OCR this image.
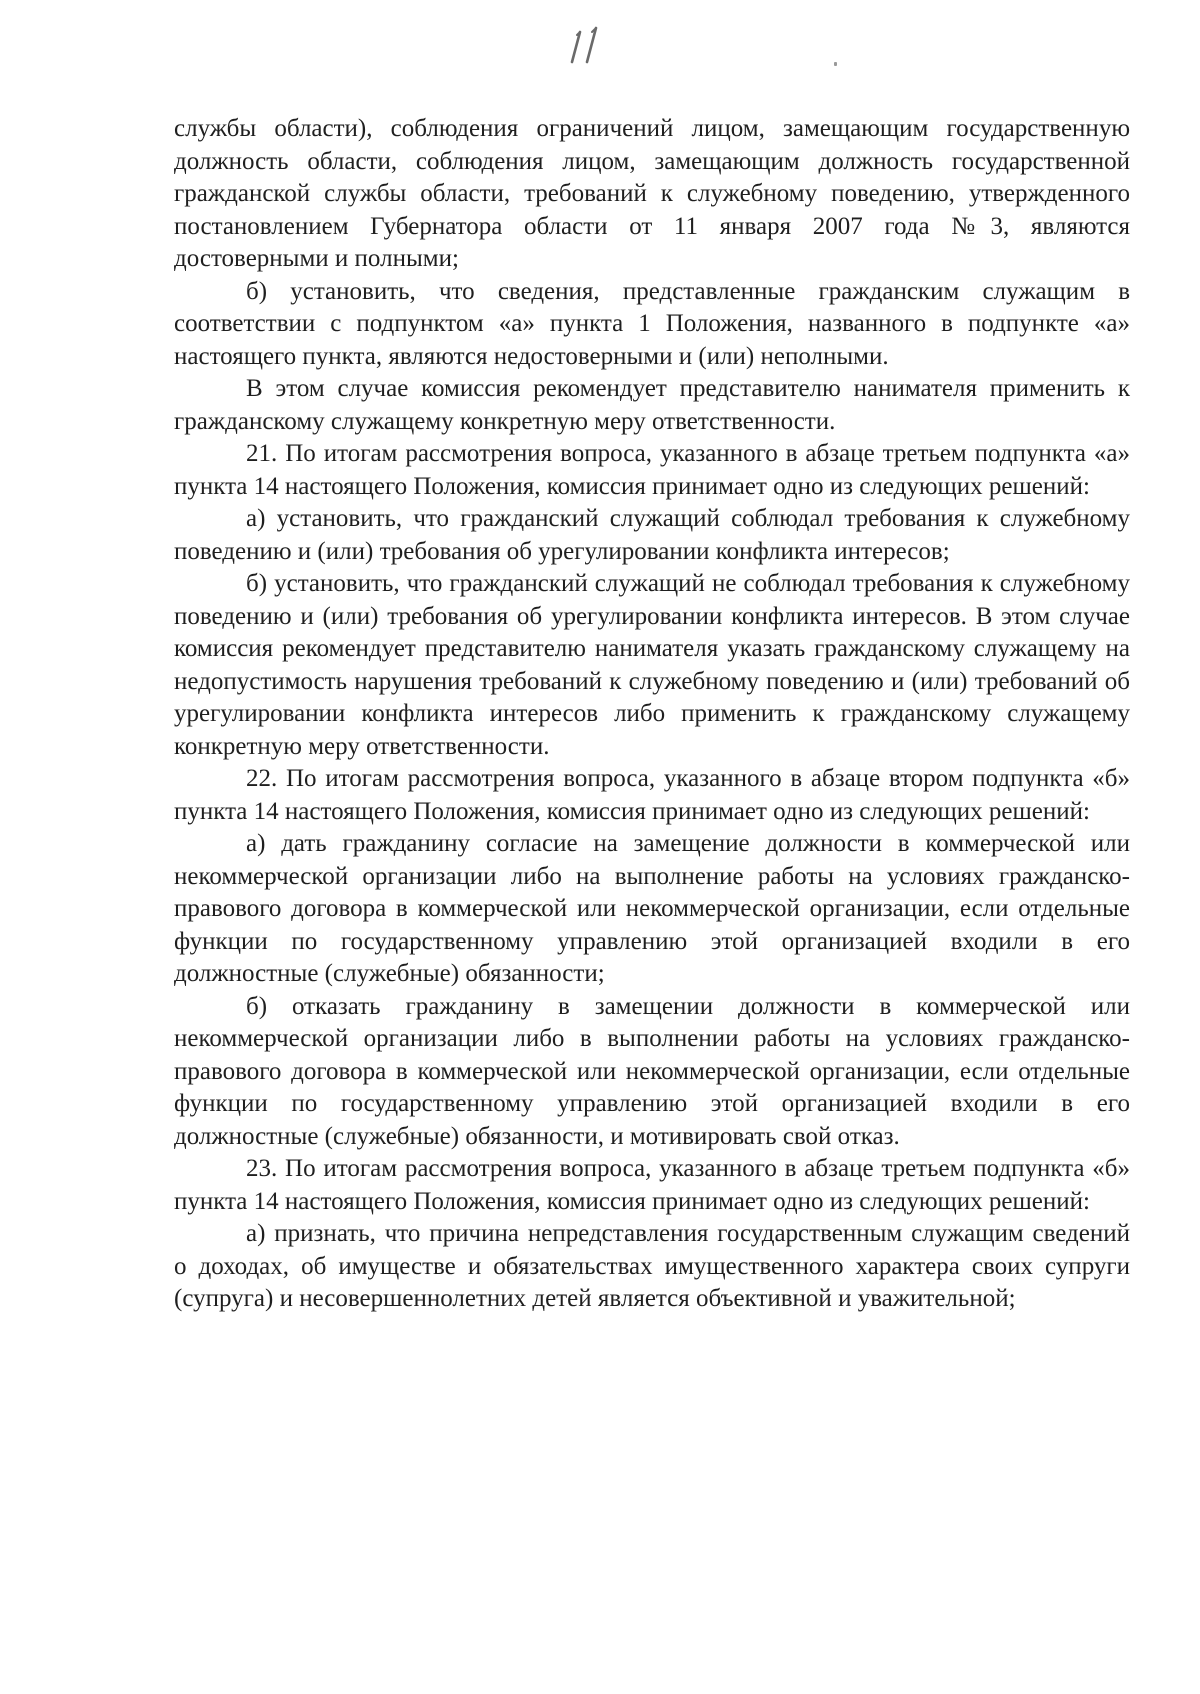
службы области), соблюдения ограничений лицом, замещающим государственную должность области, соблюдения лицом, замещающим должность государственной гражданской службы области, требований к служебному поведению, утвержденного постановлением Губернатора области от 11 января 2007 года №3, являются достоверными и полными;

б) установить, что сведения, представленные гражданским служащим в соответствии с подпунктом «а» пункта 1 Положения, названного в подпункте «а» настоящего пункта, являются недостоверными и (или) неполными.

В этом случае комиссия рекомендует представителю нанимателя применить к гражданскому служащему конкретную меру ответственности.

21. По итогам рассмотрения вопроса, указанного в абзаце третьем подпункта «а» пункта 14 настоящего Положения, комиссия принимает одно из следующих решений:

а) установить, что гражданский служащий соблюдал требования к служебному поведению и (или) требования об урегулировании конфликта интересов;

б) установить, что гражданский служащий не соблюдал требования к служебному поведению и (или) требования об урегулировании конфликта интересов. В этом случае комиссия рекомендует представителю нанимателя указать гражданскому служащему на недопустимость нарушения требований к служебному поведению и (или) требований об урегулировании конфликта интересов либо применить к гражданскому служащему конкретную меру ответственности.

22. По итогам рассмотрения вопроса, указанного в абзаце втором подпункта «б» пункта 14 настоящего Положения, комиссия принимает одно из следующих решений:

а) дать гражданину согласие на замещение должности в коммерческой или некоммерческой организации либо на выполнение работы на условиях гражданско-правового договора в коммерческой или некоммерческой организации, если отдельные функции по государственному управлению этой организацией входили в его должностные (служебные) обязанности;

б) отказать гражданину в замещении должности в коммерческой или некоммерческой организации либо в выполнении работы на условиях гражданско-правового договора в коммерческой или некоммерческой организации, если отдельные функции по государственному управлению этой организацией входили в его должностные (служебные) обязанности, и мотивировать свой отказ.

23. По итогам рассмотрения вопроса, указанного в абзаце третьем подпункта «б» пункта 14 настоящего Положения, комиссия принимает одно из следующих решений:

а) признать, что причина непредставления государственным служащим сведений о доходах, об имуществе и обязательствах имущественного характера своих супруги (супруга) и несовершеннолетних детей является объективной и уважительной;
